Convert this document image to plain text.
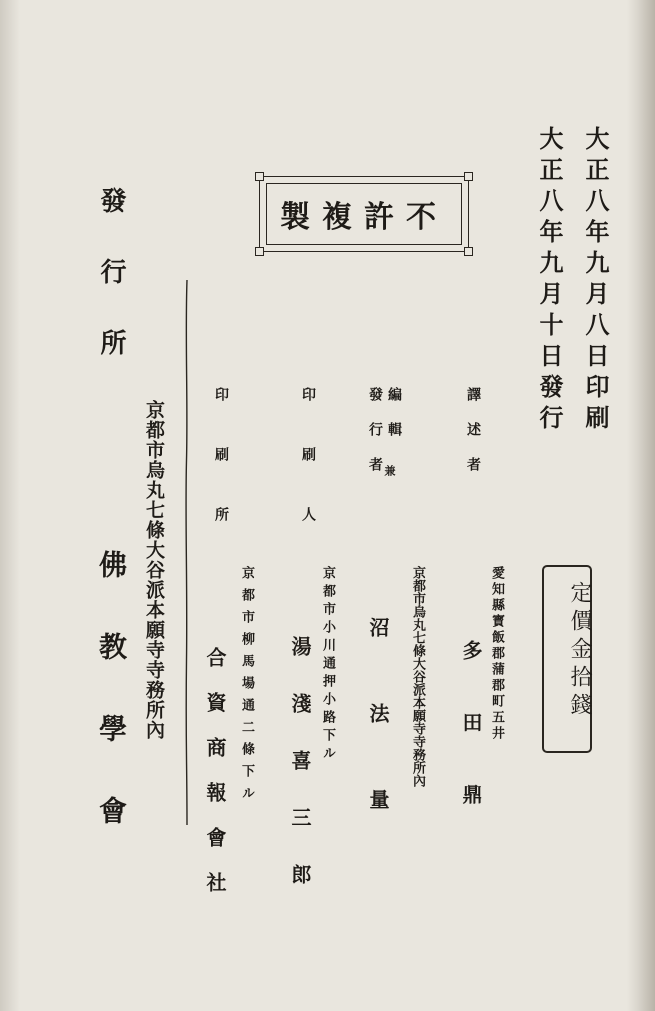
大正八年九月八日印刷
大正八年九月十日發行
不許複製
定價金拾錢
譯述者
愛知縣寳飯郡蒲郡町五井
多田鼎
編輯
發行者 兼
京都市烏丸七條大谷派本願寺寺務所內
沼法量
印刷人
京都市小川通押小路下ル
湯淺喜三郎
印刷所
京都市柳馬場通二條下ル
合資商報會社
發行所
京都市烏丸七條大谷派本願寺寺務所內
佛教學會
